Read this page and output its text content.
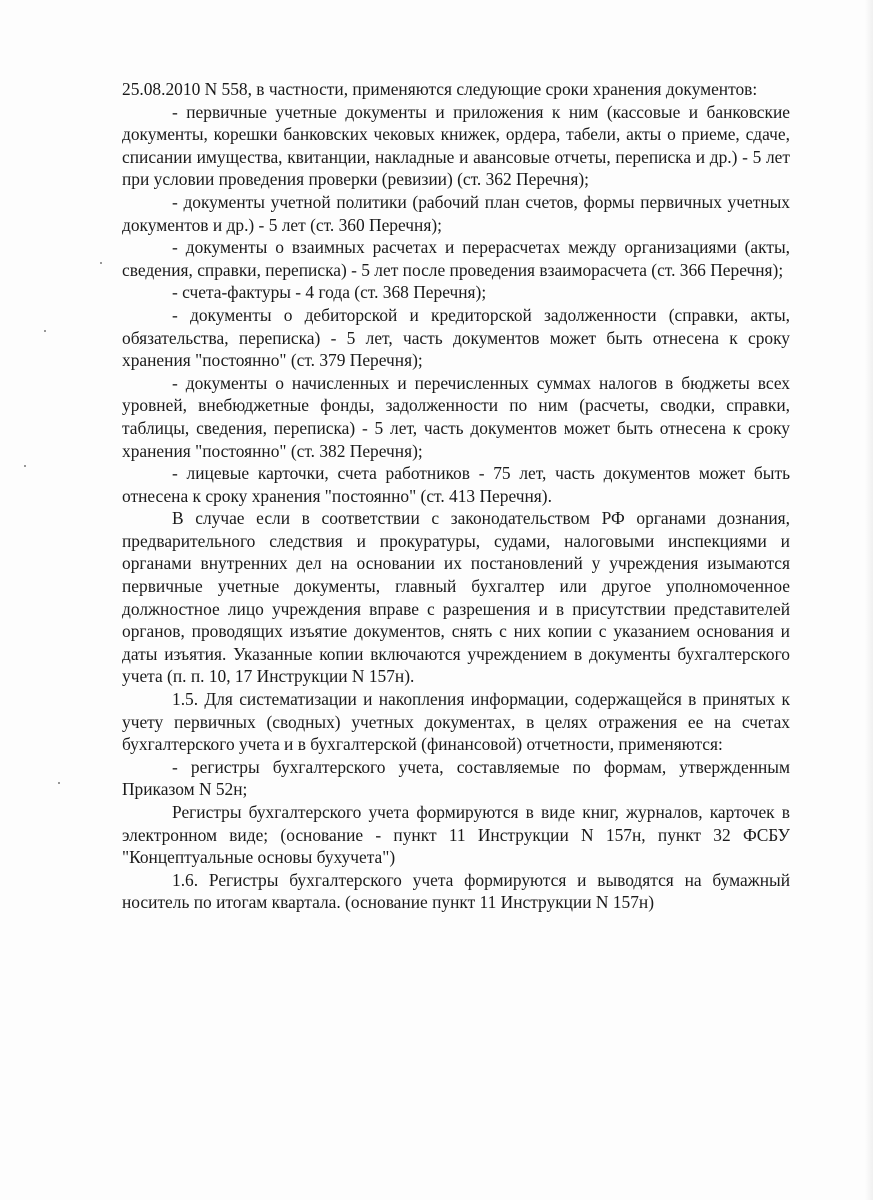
25.08.2010 N 558, в частности, применяются следующие сроки хранения документов:

- первичные учетные документы и приложения к ним (кассовые и банковские документы, корешки банковских чековых книжек, ордера, табели, акты о приеме, сдаче, списании имущества, квитанции, накладные и авансовые отчеты, переписка и др.) - 5 лет при условии проведения проверки (ревизии) (ст. 362 Перечня);

- документы учетной политики (рабочий план счетов, формы первичных учетных документов и др.) - 5 лет (ст. 360 Перечня);

- документы о взаимных расчетах и перерасчетах между организациями (акты, сведения, справки, переписка) - 5 лет после проведения взаиморасчета (ст. 366 Перечня);

- счета-фактуры - 4 года (ст. 368 Перечня);

- документы о дебиторской и кредиторской задолженности (справки, акты, обязательства, переписка) - 5 лет, часть документов может быть отнесена к сроку хранения "постоянно" (ст. 379 Перечня);

- документы о начисленных и перечисленных суммах налогов в бюджеты всех уровней, внебюджетные фонды, задолженности по ним (расчеты, сводки, справки, таблицы, сведения, переписка) - 5 лет, часть документов может быть отнесена к сроку хранения "постоянно" (ст. 382 Перечня);

- лицевые карточки, счета работников - 75 лет, часть документов может быть отнесена к сроку хранения "постоянно" (ст. 413 Перечня).

В случае если в соответствии с законодательством РФ органами дознания, предварительного следствия и прокуратуры, судами, налоговыми инспекциями и органами внутренних дел на основании их постановлений у учреждения изымаются первичные учетные документы, главный бухгалтер или другое уполномоченное должностное лицо учреждения вправе с разрешения и в присутствии представителей органов, проводящих изъятие документов, снять с них копии с указанием основания и даты изъятия. Указанные копии включаются учреждением в документы бухгалтерского учета (п. п. 10, 17 Инструкции N 157н).

1.5. Для систематизации и накопления информации, содержащейся в принятых к учету первичных (сводных) учетных документах, в целях отражения ее на счетах бухгалтерского учета и в бухгалтерской (финансовой) отчетности, применяются:

- регистры бухгалтерского учета, составляемые по формам, утвержденным Приказом N 52н;

Регистры бухгалтерского учета формируются в виде книг, журналов, карточек в электронном виде; (основание - пункт 11 Инструкции N 157н, пункт 32 ФСБУ "Концептуальные основы бухучета")

1.6. Регистры бухгалтерского учета формируются и выводятся на бумажный носитель по итогам квартала. (основание пункт 11 Инструкции N 157н)
